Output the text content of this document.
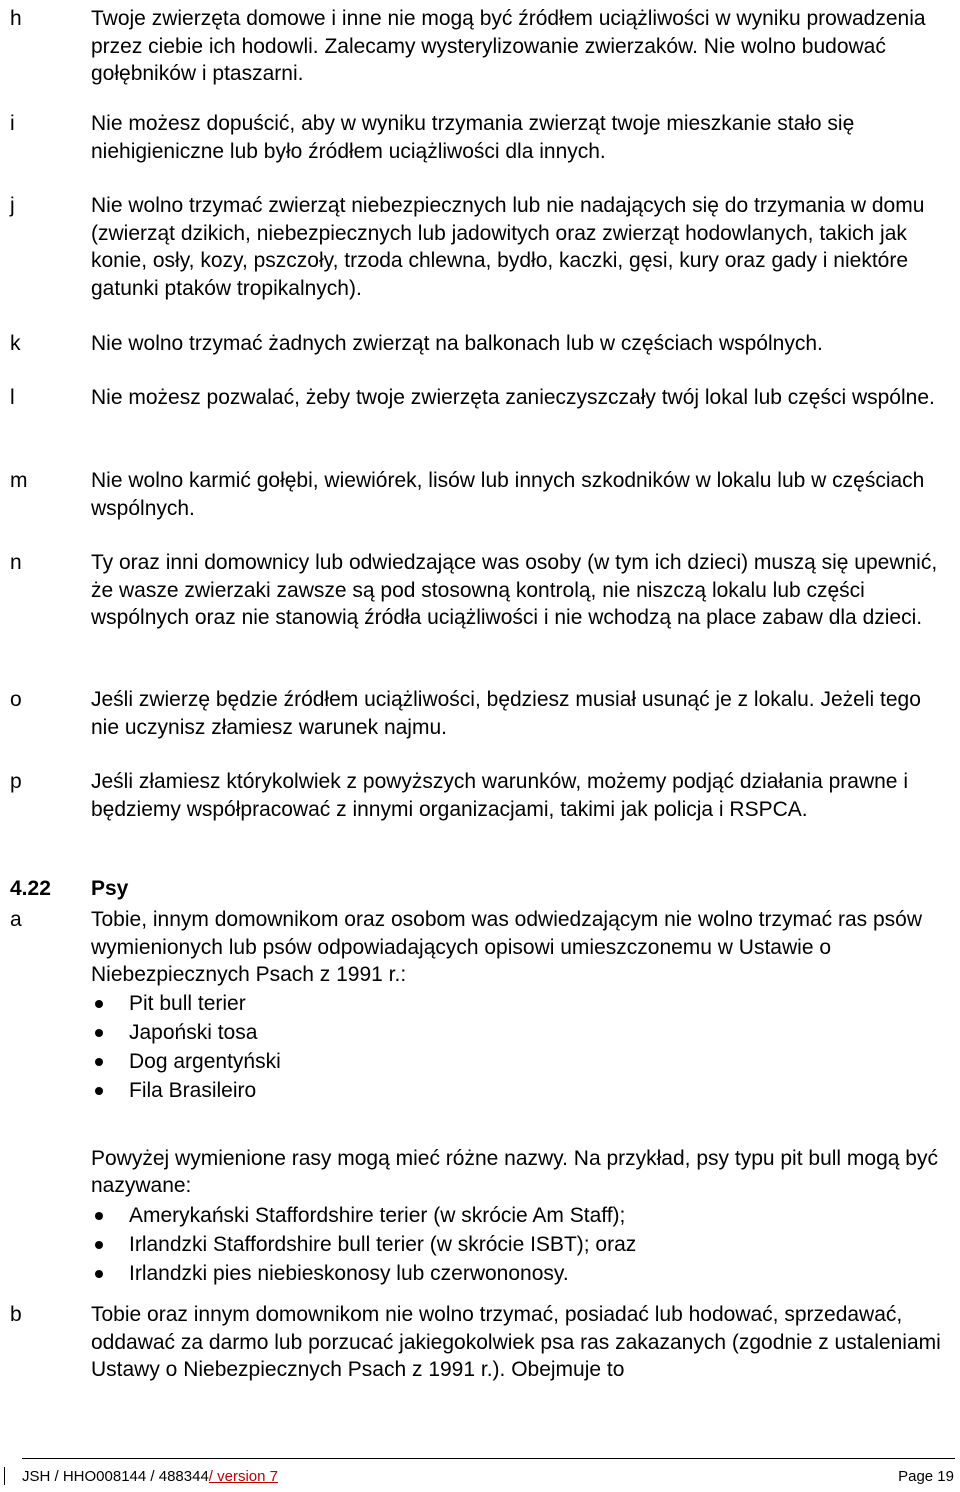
h	Twoje zwierzęta domowe i inne nie mogą być źródłem uciążliwości w wyniku prowadzenia przez ciebie ich hodowli. Zalecamy wysterylizowanie zwierzaków. Nie wolno budować gołębników i ptaszarni.
i	Nie możesz dopuścić, aby w wyniku trzymania zwierząt twoje mieszkanie stało się niehigieniczne lub było źródłem uciążliwości dla innych.
j	Nie wolno trzymać zwierząt niebezpiecznych lub nie nadających się do trzymania w domu (zwierząt dzikich, niebezpiecznych lub jadowitych oraz zwierząt hodowlanych, takich jak konie, osły, kozy, pszczoły, trzoda chlewna, bydło, kaczki, gęsi, kury oraz gady i niektóre gatunki ptaków tropikalnych).
k	Nie wolno trzymać żadnych zwierząt na balkonach lub w częściach wspólnych.
l	Nie możesz pozwalać, żeby twoje zwierzęta zanieczyszczały twój lokal lub części wspólne.
m	Nie wolno karmić gołębi, wiewiórek, lisów lub innych szkodników w lokalu lub w częściach wspólnych.
n	Ty oraz inni domownicy lub odwiedzające was osoby (w tym ich dzieci) muszą się upewnić, że wasze zwierzaki zawsze są pod stosowną kontrolą, nie niszczą lokalu lub części wspólnych oraz nie stanowią źródła uciążliwości i nie wchodzą na place zabaw dla dzieci.
o	Jeśli zwierzę będzie źródłem uciążliwości, będziesz musiał usunąć je z lokalu. Jeżeli tego nie uczynisz złamiesz warunek najmu.
p	Jeśli złamiesz którykolwiek z powyższych warunków, możemy podjąć działania prawne i będziemy współpracować z innymi organizacjami, takimi jak policja i RSPCA.
4.22 Psy
a	Tobie, innym domownikom oraz osobom was odwiedzającym nie wolno trzymać ras psów wymienionych lub psów odpowiadających opisowi umieszczonemu w Ustawie o Niebezpiecznych Psach z 1991 r.:

Pit bull terier
Japoński tosa
Dog argentyński
Fila Brasileiro

Powyżej wymienione rasy mogą mieć różne nazwy. Na przykład, psy typu pit bull mogą być nazywane:

Amerykański Staffordshire terier (w skrócie Am Staff);
Irlandzki Staffordshire bull terier (w skrócie ISBT); oraz
Irlandzki pies niebieskonosy lub czerwononosy.
b	Tobie oraz innym domownikom nie wolno trzymać, posiadać lub hodować, sprzedawać, oddawać za darmo lub porzucać jakiegokolwiek psa ras zakazanych (zgodnie z ustaleniami Ustawy o Niebezpiecznych Psach z 1991 r.). Obejmuje to
JSH / HHO008144 / 488344/ version 7	Page 19
